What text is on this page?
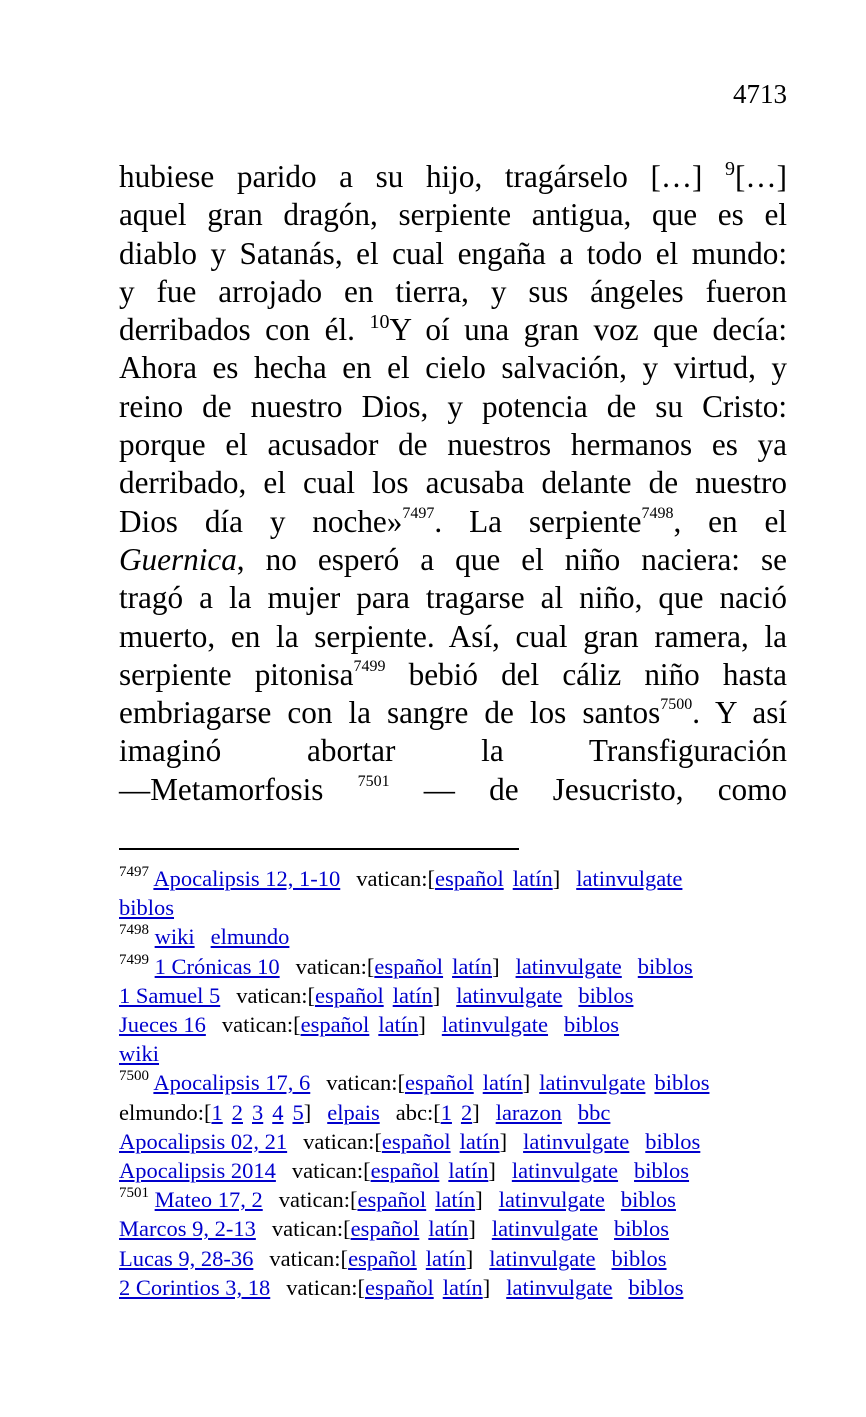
4713
hubiese parido a su hijo, tragárselo […] $^9$[…]
aquel gran dragón, serpiente antigua, que es el
diablo y Satanás, el cual engaña a todo el mundo:
y fue arrojado en tierra, y sus ángeles fueron
derribados con él. $^{10}$Y oí una gran voz que decía:
Ahora es hecha en el cielo salvación, y virtud, y
reino de nuestro Dios, y potencia de su Cristo:
porque el acusador de nuestros hermanos es ya
derribado, el cual los acusaba delante de nuestro
Dios día y noche»$^{7497}$. La serpiente$^{7498}$, en el
Guernica, no esperó a que el niño naciera: se
tragó a la mujer para tragarse al niño, que nació
muerto, en la serpiente. Así, cual gran ramera, la
serpiente pitonisa$^{7499}$ bebió del cáliz niño hasta
embriagarse con la sangre de los santos$^{7500}$. Y así
imaginó	abortar	la	Transfiguración
—Metamorfosis $^{7501}$ — de Jesucristo, como
$^{7497}$ Apocalipsis 12, 1-10 vatican:[español latín] latinvulgate
biblos
$^{7498}$ wiki elmundo
$^{7499}$ 1 Crónicas 10 vatican:[español latín] latinvulgate biblos
1 Samuel 5 vatican:[español latín] latinvulgate biblos
Jueces 16 vatican:[español latín] latinvulgate biblos
wiki
$^{7500}$ Apocalipsis 17, 6 vatican:[español latín] latinvulgate biblos
elmundo:[1 2 3 4 5] elpais abc:[1 2] larazon bbc
Apocalipsis 02, 21 vatican:[español latín] latinvulgate biblos
Apocalipsis 2014 vatican:[español latín] latinvulgate biblos
$^{7501}$ Mateo 17, 2 vatican:[español latín] latinvulgate biblos
Marcos 9, 2-13 vatican:[español latín] latinvulgate biblos
Lucas 9, 28-36 vatican:[español latín] latinvulgate biblos
2 Corintios 3, 18 vatican:[español latín] latinvulgate biblos
